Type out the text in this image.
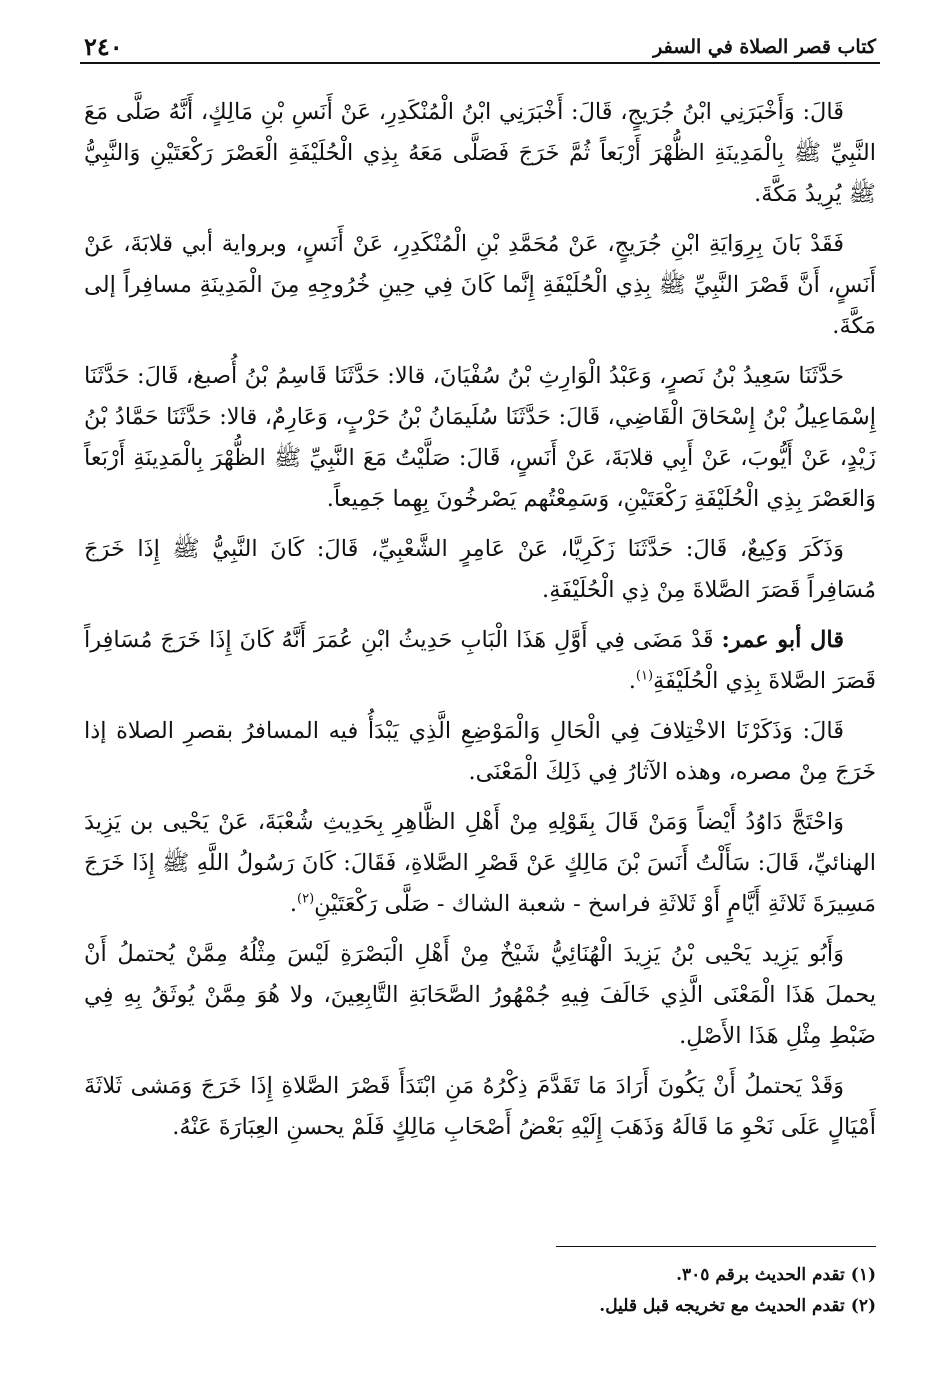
كتاب قصر الصلاة في السفر
٢٤٠

قَالَ: وَأَخْبَرَنِي ابْنُ جُرَيجٍ، قَالَ: أَخْبَرَنِي ابْنُ الْمُنْكَدِرِ، عَنْ أَنَسِ بْنِ مَالِكٍ، أَنَّهُ صَلَّى مَعَ النَّبِيِّ ﷺ بِالْمَدِينَةِ الظُّهْرَ أَرْبَعاً ثُمَّ خَرَجَ فَصَلَّى مَعَهُ بِذِي الْحُلَيْفَةِ الْعَصْرَ رَكْعَتَيْنِ وَالنَّبِيُّ ﷺ يُرِيدُ مَكَّةَ.

فَقَدْ بَانَ بِرِوَايَةِ ابْنِ جُرَيجٍ، عَنْ مُحَمَّدِ بْنِ الْمُنْكَدِرِ، عَنْ أَنَسٍ، وبرواية أبي قلابَةَ، عَنْ أَنَسٍ، أَنَّ قَصْرَ النَّبِيِّ ﷺ بِذِي الْحُلَيْفَةِ إِنَّما كَانَ فِي حِينِ خُرُوجِهِ مِنَ الْمَدِينَةِ مسافِراً إلى مَكَّةَ.

حَدَّثَنَا سَعِيدُ بْنُ نَصرٍ، وَعَبْدُ الْوَارِثِ بْنُ سُفْيَانَ، قالا: حَدَّثَنَا قَاسِمُ بْنُ أُصبغ، قَالَ: حَدَّثَنَا إِسْمَاعِيلُ بْنُ إِسْحَاقَ الْقَاضِي، قَالَ: حَدَّثَنَا سُلَيمَانُ بْنُ حَرْبٍ، وَعَارِمٌ، قالا: حَدَّثَنَا حَمَّادُ بْنُ زَيْدٍ، عَنْ أَيُّوبَ، عَنْ أَبِي قلابَةَ، عَنْ أَنَسٍ، قَالَ: صَلَّيْتُ مَعَ النَّبِيِّ ﷺ الظُّهْرَ بِالْمَدِينَةِ أَرْبَعاً وَالعَصْرَ بِذِي الْحُلَيْفَةِ رَكْعَتَيْنِ، وَسَمِعْتُهم يَصْرخُونَ بِهِما جَمِيعاً.

وَذَكَرَ وَكِيعٌ، قَالَ: حَدَّثَنَا زَكَرِيَّا، عَنْ عَامِرٍ الشَّعْبِيِّ، قَالَ: كَانَ النَّبِيُّ ﷺ إِذَا خَرَجَ مُسَافِراً قَصَرَ الصَّلاةَ مِنْ ذِي الْحُلَيْفَةِ.

قال أبو عمر: قَدْ مَضَى فِي أَوَّلِ هَذَا الْبَابِ حَدِيثُ ابْنِ عُمَرَ أَنَّهُ كَانَ إِذَا خَرَجَ مُسَافِراً قَصَرَ الصَّلاةَ بِذِي الْحُلَيْفَةِ$^{(١)}$.

قَالَ: وَذَكَرْنَا الاخْتِلافَ فِي الْحَالِ وَالْمَوْضِعِ الَّذِي يَبْدَأُ فيه المسافرُ بقصرِ الصلاة إذا خَرَجَ مِنْ مصره، وهذه الآثارُ فِي ذَلِكَ الْمَعْنَى.

وَاحْتَجَّ دَاوُدُ أَيْضاً وَمَنْ قَالَ بِقَوْلِهِ مِنْ أَهْلِ الظَّاهِرِ بِحَدِيثِ شُعْبَةَ، عَنْ يَحْيى بن يَزِيدَ الهنائيِّ، قَالَ: سَأَلْتُ أَنَسَ بْنَ مَالِكٍ عَنْ قَصْرِ الصَّلاةِ، فَقَالَ: كَانَ رَسُولُ اللَّهِ ﷺ إِذَا خَرَجَ مَسِيرَةَ ثَلاثَةِ أَيَّامٍ أَوْ ثَلاثَةِ فراسخ - شعبة الشاك - صَلَّى رَكْعَتَيْنِ$^{(٢)}$.

وَأَبُو يَزِيد يَحْيى بْنُ يَزِيدَ الْهُنَائِيُّ شَيْخٌ مِنْ أَهْلِ الْبَصْرَةِ لَيْسَ مِثْلُهُ مِمَّنْ يُحتملُ أَنْ يحملَ هَذَا الْمَعْنَى الَّذِي خَالَفَ فِيهِ جُمْهُورُ الصَّحَابَةِ التَّابِعِينَ، ولا هُوَ مِمَّنْ يُوثَقُ بِهِ فِي ضَبْطِ مِثْلِ هَذَا الأَصْلِ.

وَقَدْ يَحتملُ أَنْ يَكُونَ أَرَادَ مَا تَقَدَّمَ ذِكْرُهُ مَنِ ابْتَدَأَ قَصْرَ الصَّلاةِ إِذَا خَرَجَ وَمَشى ثَلاثَةَ أَمْيَالٍ عَلَى نَحْوِ مَا قَالَهُ وَذَهَبَ إِلَيْهِ بَعْضُ أَصْحَابِ مَالِكٍ فَلَمْ يحسنِ العِبَارَةَ عَنْهُ.

(١)تقدم الحديث برقم ٣٠٥.

(٢)تقدم الحديث مع تخريجه قبل قليل.
